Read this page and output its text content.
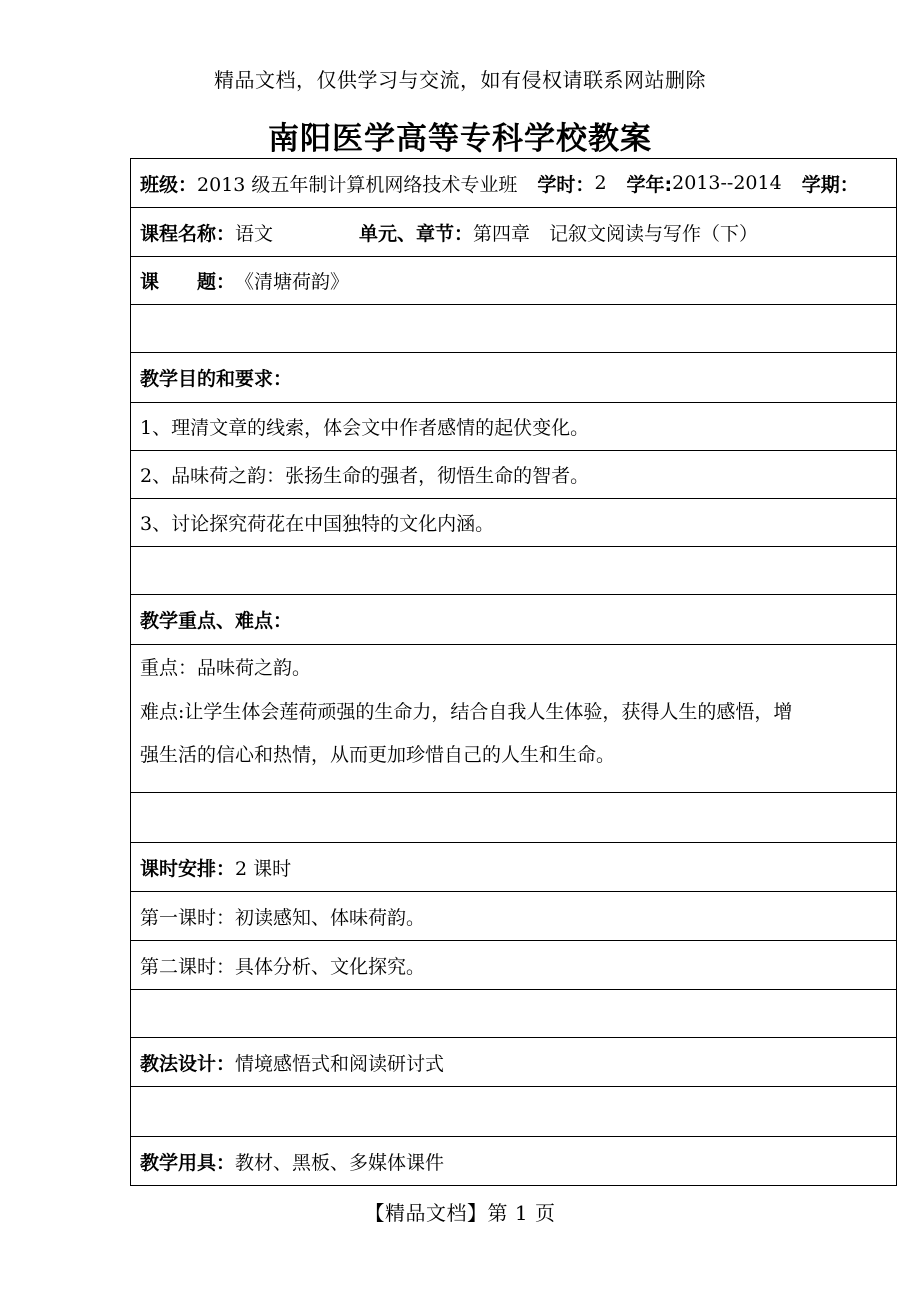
精品文档，仅供学习与交流，如有侵权请联系网站删除
南阳医学高等专科学校教案
班级： 2013 级五年制计算机网络技术专业班 学时： 2 学年: 2013--2014 学期：
课程名称： 语文	单元、章节： 第四章　记叙文阅读与写作（下）
课　　题： 《清塘荷韵》
教学目的和要求：
1、理清文章的线索，体会文中作者感情的起伏变化。
2、品味荷之韵：张扬生命的强者，彻悟生命的智者。
3、讨论探究荷花在中国独特的文化内涵。
教学重点、难点：

重点：品味荷之韵。

难点:让学生体会莲荷顽强的生命力，结合自我人生体验，获得人生的感悟，增

强生活的信心和热情，从而更加珍惜自己的人生和生命。

课时安排： 2 课时
第一课时：初读感知、体味荷韵。
第二课时：具体分析、文化探究。
教法设计： 情境感悟式和阅读研讨式
教学用具： 教材、黑板、多媒体课件
【精品文档】第 1 页
